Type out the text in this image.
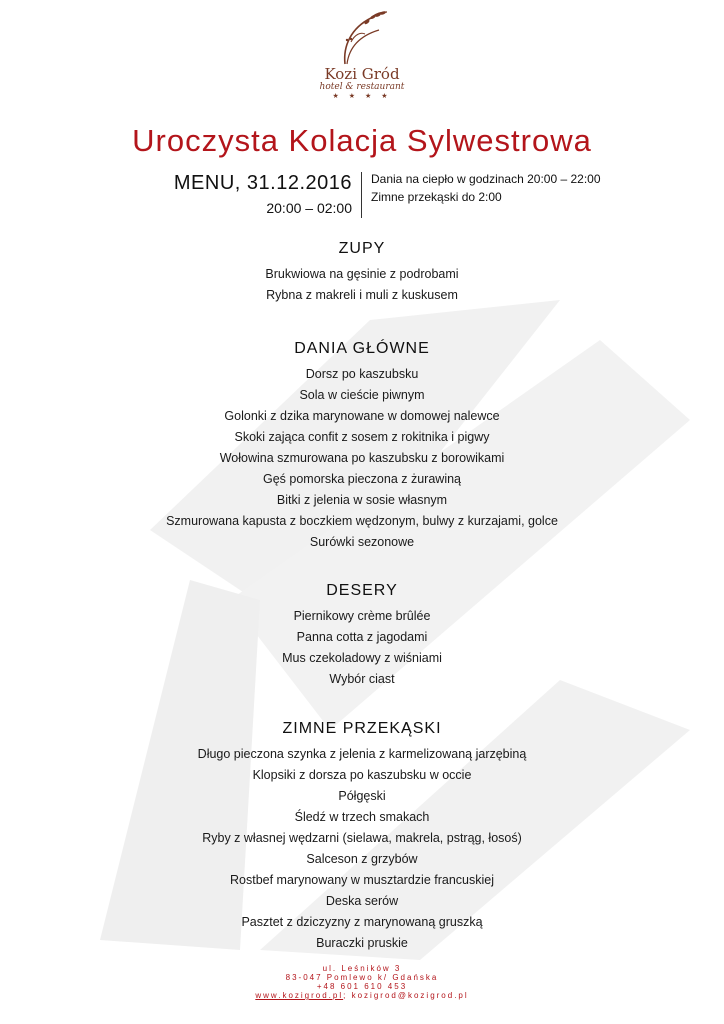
Kozi Gród
hotel & restaurant
★ ★ ★ ★
Uroczysta Kolacja Sylwestrowa
MENU, 31.12.2016
20:00 – 02:00
Dania na ciepło w godzinach 20:00 – 22:00
Zimne przekąski do 2:00
ZUPY
Brukwiowa na gęsinie z podrobami
Rybna z makreli i muli z kuskusem
DANIA GŁÓWNE
Dorsz po kaszubsku
Sola w cieście piwnym
Golonki z dzika marynowane w domowej nalewce
Skoki zająca confit z sosem z rokitnika i pigwy
Wołowina szmurowana po kaszubsku z borowikami
Gęś pomorska pieczona z żurawiną
Bitki z jelenia w sosie własnym
Szmurowana kapusta z boczkiem wędzonym, bulwy z kurzajami, golce
Surówki sezonowe
DESERY
Piernikowy crème brûlée
Panna cotta z jagodami
Mus czekoladowy z wiśniami
Wybór ciast
ZIMNE PRZEKĄSKI
Długo pieczona szynka z jelenia z karmelizowaną jarzębiną
Klopsiki z dorsza po kaszubsku w occie
Półgęski
Śledź w trzech smakach
Ryby z własnej wędzarni (sielawa, makrela, pstrąg, łosoś)
Salceson z grzybów
Rostbef marynowany w musztardzie francuskiej
Deska serów
Pasztet z dziczyzny z marynowaną gruszką
Buraczki pruskie
ul. Leśników 3
83-047 Pomlewo k/ Gdańska
+48 601 610 453
www.kozigrod.pl; kozigrod@kozigrod.pl
